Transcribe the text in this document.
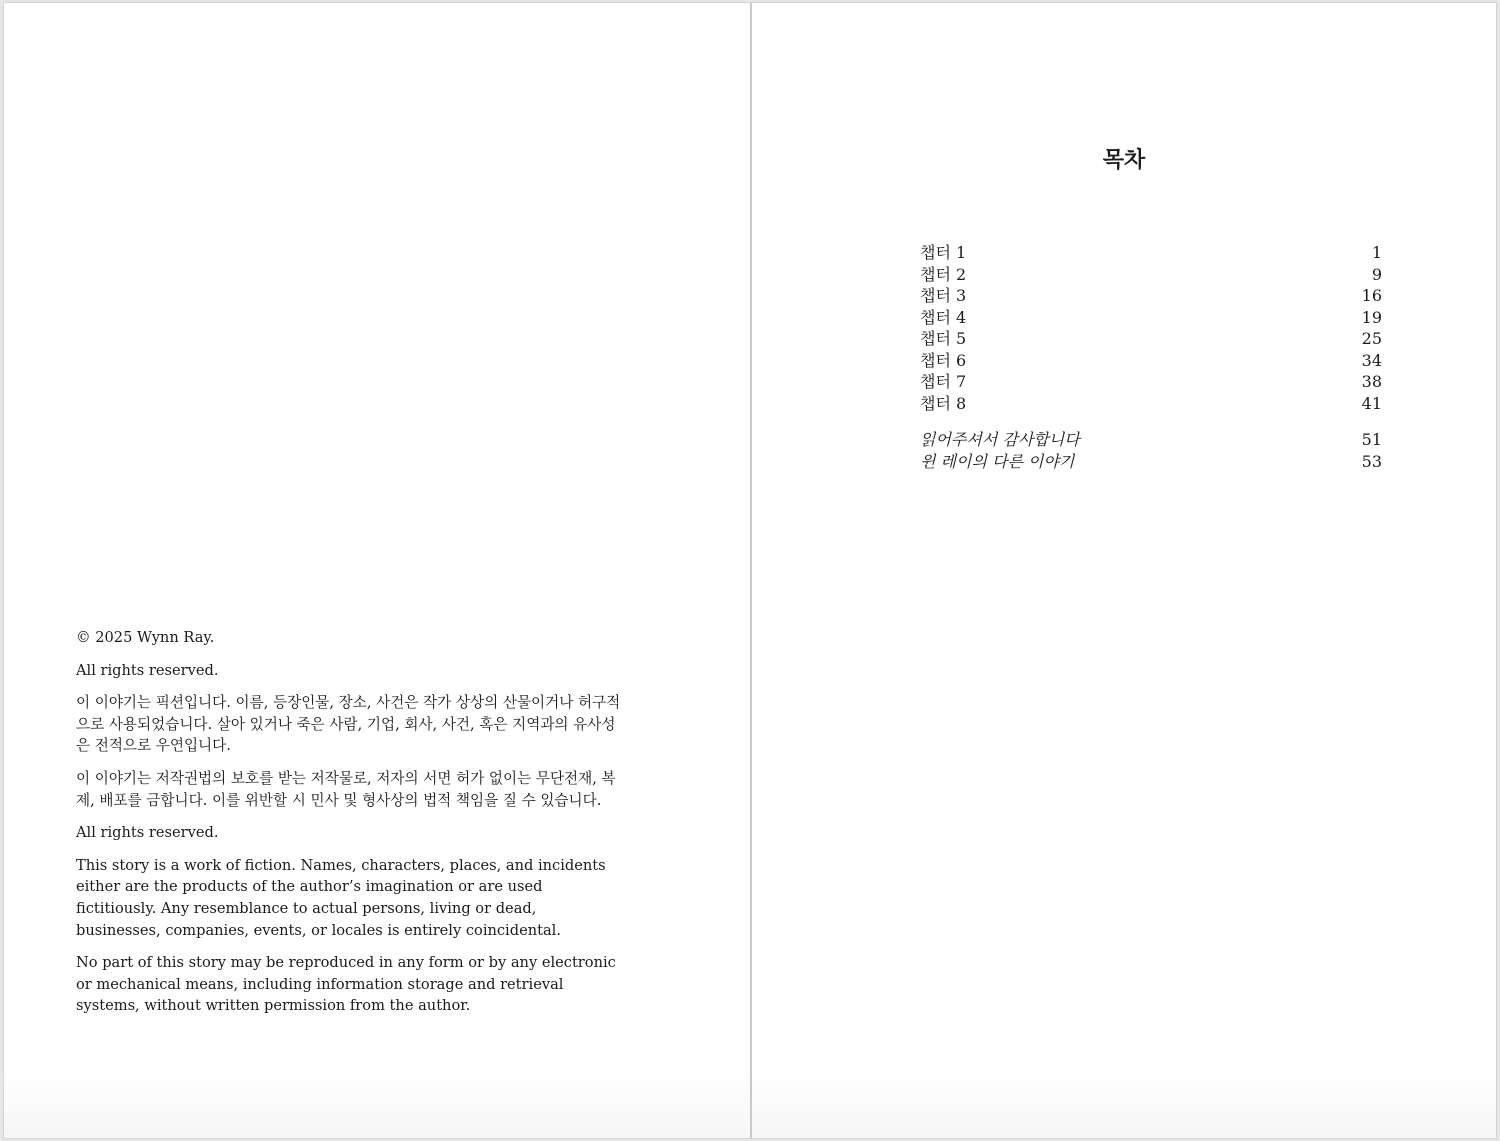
© 2025 Wynn Ray.

All rights reserved.

이 이야기는 픽션입니다. 이름, 등장인물, 장소, 사건은 작가 상상의 산물이거나 허구적으로 사용되었습니다. 살아 있거나 죽은 사람, 기업, 회사, 사건, 혹은 지역과의 유사성은 전적으로 우연입니다.

이 이야기는 저작권법의 보호를 받는 저작물로, 저자의 서면 허가 없이는 무단전재, 복제, 배포를 금합니다. 이를 위반할 시 민사 및 형사상의 법적 책임을 질 수 있습니다.

All rights reserved.

This story is a work of fiction. Names, characters, places, and incidents either are the products of the author’s imagination or are used fictitiously. Any resemblance to actual persons, living or dead, businesses, companies, events, or locales is entirely coincidental.

No part of this story may be reproduced in any form or by any electronic or mechanical means, including information storage and retrieval systems, without written permission from the author.

목차
챕터 1	1
챕터 2	9
챕터 3	16
챕터 4	19
챕터 5	25
챕터 6	34
챕터 7	38
챕터 8	41
읽어주셔서 감사합니다	51
윈 레이의 다른 이야기	53
